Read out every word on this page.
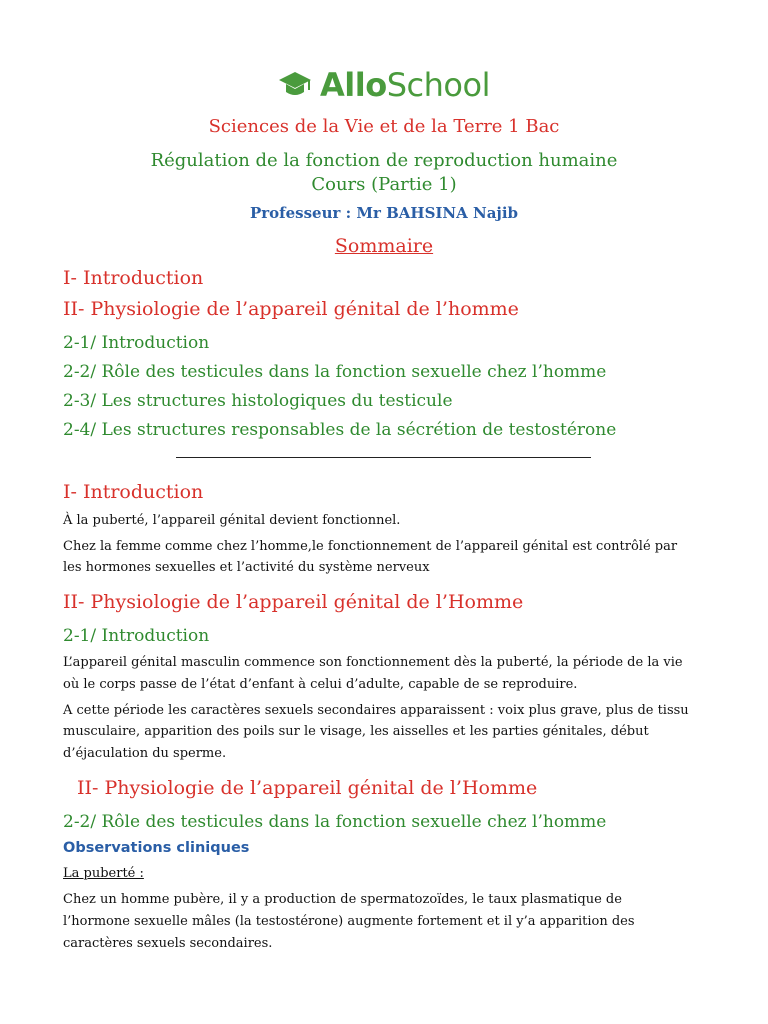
AlloSchool
Sciences de la Vie et de la Terre 1 Bac
Régulation de la fonction de reproduction humaine
Cours (Partie 1)
Professeur : Mr BAHSINA Najib
Sommaire
I- Introduction
II- Physiologie de l’appareil génital de l’homme
2-1/ Introduction
2-2/ Rôle des testicules dans la fonction sexuelle chez l’homme
2-3/ Les structures histologiques du testicule
2-4/ Les structures responsables de la sécrétion de testostérone
I- Introduction
À la puberté, l’appareil génital devient fonctionnel.
Chez la femme comme chez l’homme,le fonctionnement de l’appareil génital est contrôlé par
les hormones sexuelles et l’activité du système nerveux
II- Physiologie de l’appareil génital de l’Homme
2-1/ Introduction
L’appareil génital masculin commence son fonctionnement dès la puberté, la période de la vie
où le corps passe de l’état d’enfant à celui d’adulte, capable de se reproduire.
A cette période les caractères sexuels secondaires apparaissent : voix plus grave, plus de tissu
musculaire, apparition des poils sur le visage, les aisselles et les parties génitales, début
d’éjaculation du sperme.
II- Physiologie de l’appareil génital de l’Homme
2-2/ Rôle des testicules dans la fonction sexuelle chez l’homme
Observations cliniques
La puberté :
Chez un homme pubère, il y a production de spermatozoïdes, le taux plasmatique de
l’hormone sexuelle mâles (la testostérone) augmente fortement et il y’a apparition des
caractères sexuels secondaires.
